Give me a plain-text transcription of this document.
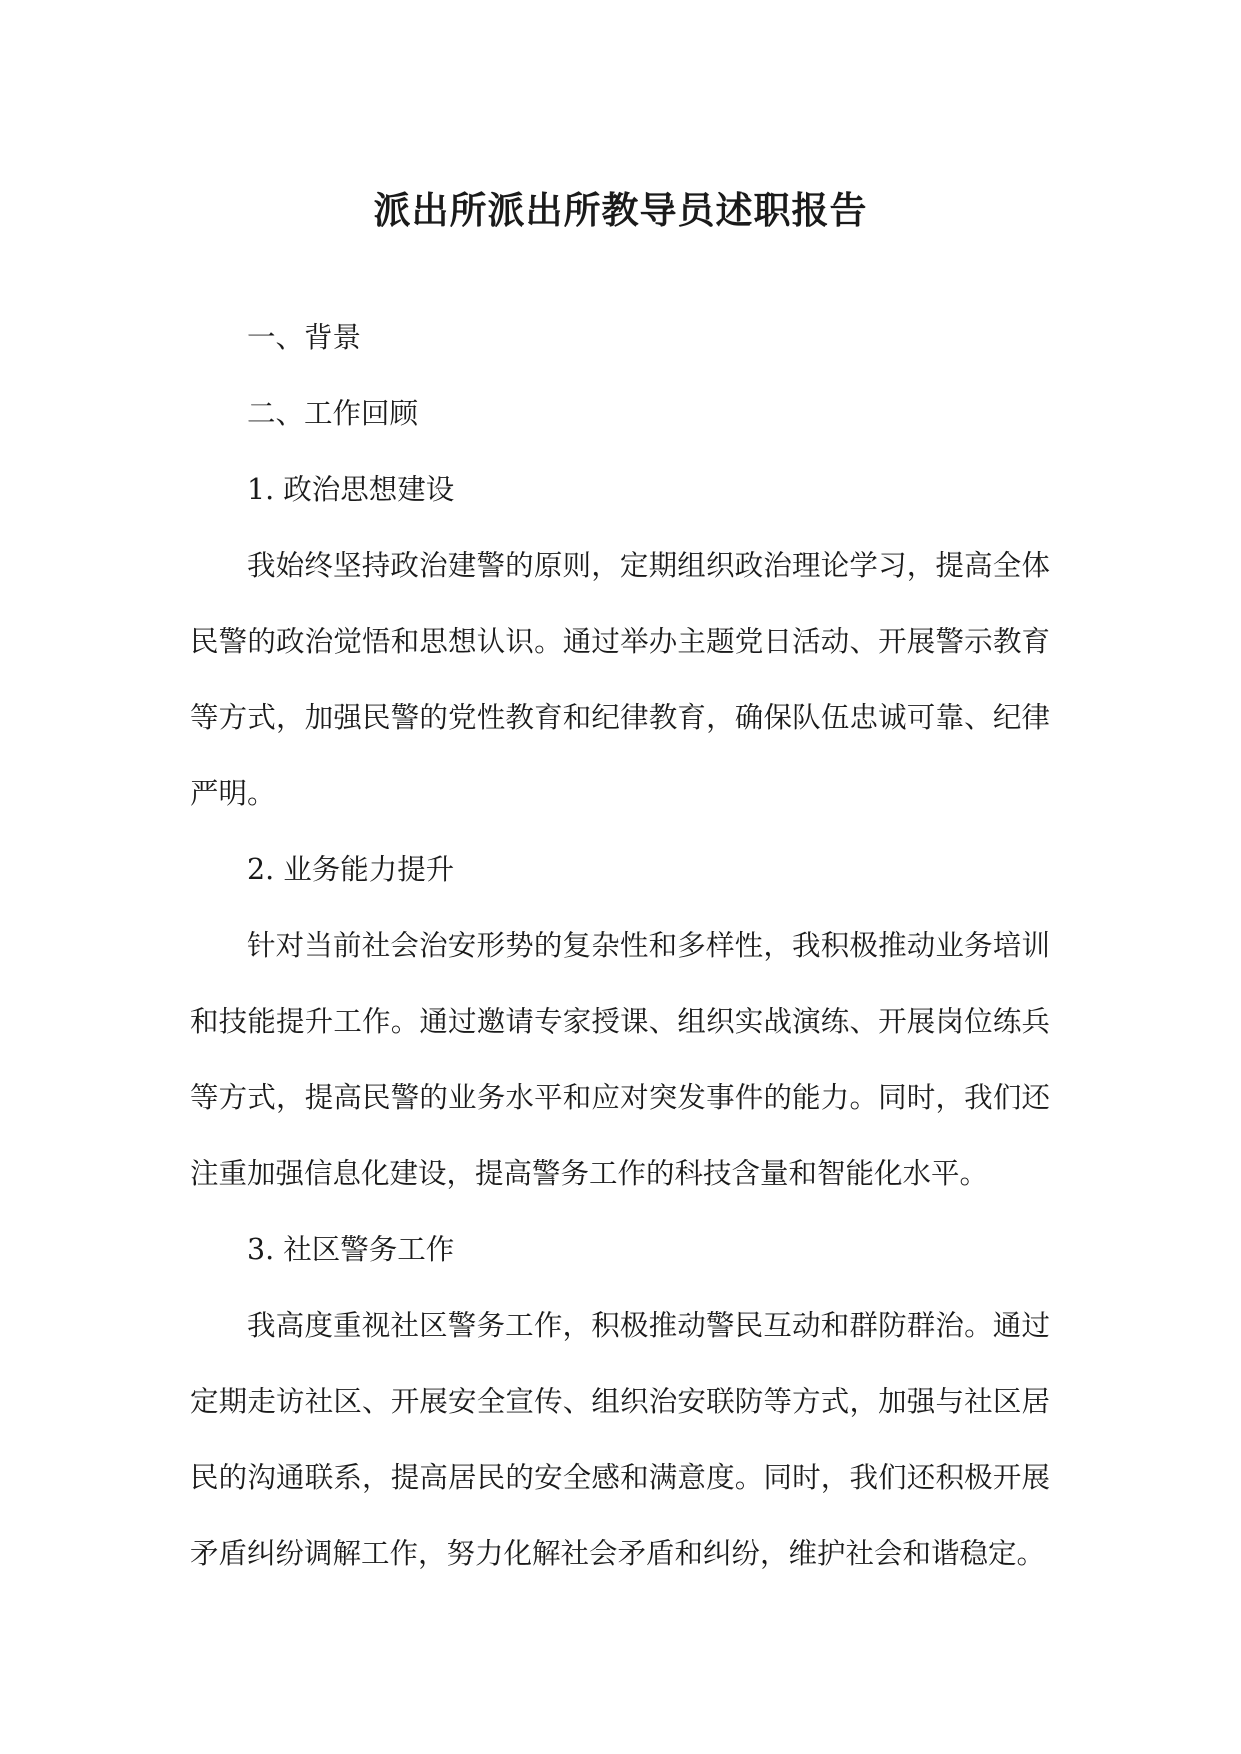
派出所派出所教导员述职报告

一、背景

二、工作回顾

1. 政治思想建设

我始终坚持政治建警的原则，定期组织政治理论学习，提高全体民警的政治觉悟和思想认识。通过举办主题党日活动、开展警示教育等方式，加强民警的党性教育和纪律教育，确保队伍忠诚可靠、纪律严明。

2. 业务能力提升

针对当前社会治安形势的复杂性和多样性，我积极推动业务培训和技能提升工作。通过邀请专家授课、组织实战演练、开展岗位练兵等方式，提高民警的业务水平和应对突发事件的能力。同时，我们还注重加强信息化建设，提高警务工作的科技含量和智能化水平。

3. 社区警务工作

我高度重视社区警务工作，积极推动警民互动和群防群治。通过定期走访社区、开展安全宣传、组织治安联防等方式，加强与社区居民的沟通联系，提高居民的安全感和满意度。同时，我们还积极开展矛盾纠纷调解工作，努力化解社会矛盾和纠纷，维护社会和谐稳定。
